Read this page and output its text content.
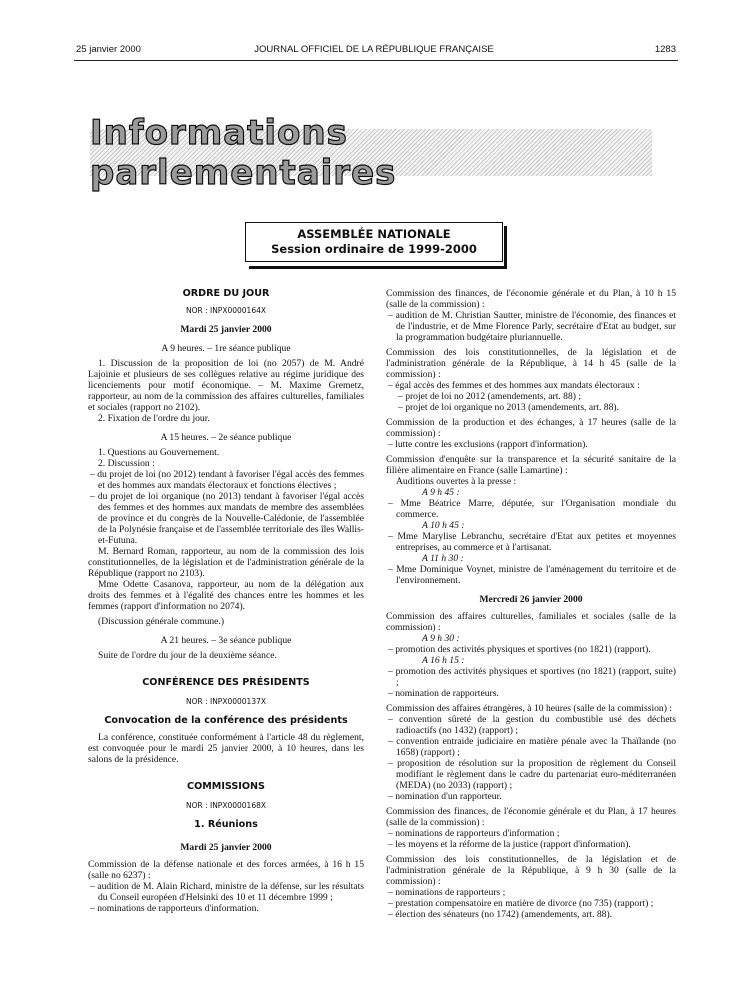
25 janvier 2000	JOURNAL OFFICIEL DE LA RÉPUBLIQUE FRANÇAISE	1283
Informations parlementaires
ASSEMBLÉE NATIONALE
Session ordinaire de 1999-2000

ORDRE DU JOUR

NOR : INPX0000164X

Mardi 25 janvier 2000

A 9 heures. – 1re séance publique

1. Discussion de la proposition de loi (no 2057) de M. André Lajoinie et plusieurs de ses collègues relative au régime juridique des licenciements pour motif économique. – M. Maxime Gremetz, rapporteur, au nom de la commission des affaires culturelles, familiales et sociales (rapport no 2102).

2. Fixation de l'ordre du jour.

A 15 heures. – 2e séance publique

1. Questions au Gouvernement.

2. Discussion :

– du projet de loi (no 2012) tendant à favoriser l'égal accès des femmes et des hommes aux mandats électoraux et fonctions électives ;

– du projet de loi organique (no 2013) tendant à favoriser l'égal accès des femmes et des hommes aux mandats de membre des assemblées de province et du congrès de la Nouvelle-Calédonie, de l'assemblée de la Polynésie française et de l'assemblée territoriale des îles Wallis-et-Futuna.

M. Bernard Roman, rapporteur, au nom de la commission des lois constitutionnelles, de la législation et de l'administration générale de la République (rapport no 2103).

Mme Odette Casanova, rapporteur, au nom de la délégation aux droits des femmes et à l'égalité des chances entre les hommes et les femmes (rapport d'information no 2074).

(Discussion générale commune.)

A 21 heures. – 3e séance publique

Suite de l'ordre du jour de la deuxième séance.

CONFÉRENCE DES PRÉSIDENTS

NOR : INPX0000137X

Convocation de la conférence des présidents

La conférence, constituée conformément à l'article 48 du règlement, est convoquée pour le mardi 25 janvier 2000, à 10 heures, dans les salons de la présidence.

COMMISSIONS

NOR : INPX0000168X

1. Réunions

Mardi 25 janvier 2000

Commission de la défense nationale et des forces armées, à 16 h 15 (salle no 6237) :

– audition de M. Alain Richard, ministre de la défense, sur les résultats du Conseil européen d'Helsinki des 10 et 11 décembre 1999 ;

– nominations de rapporteurs d'information.

Commission des finances, de l'économie générale et du Plan, à 10 h 15 (salle de la commission) :

– audition de M. Christian Sautter, ministre de l'économie, des finances et de l'industrie, et de Mme Florence Parly, secrétaire d'Etat au budget, sur la programmation budgétaire pluriannuelle.

Commission des lois constitutionnelles, de la législation et de l'administration générale de la République, à 14 h 45 (salle de la commission) :

– égal accès des femmes et des hommes aux mandats électoraux :

– projet de loi no 2012 (amendements, art. 88) ;

– projet de loi organique no 2013 (amendements, art. 88).

Commission de la production et des échanges, à 17 heures (salle de la commission) :

– lutte contre les exclusions (rapport d'information).

Commission d'enquête sur la transparence et la sécurité sanitaire de la filière alimentaire en France (salle Lamartine) :

Auditions ouvertes à la presse :

A 9 h 45 :

– Mme Béatrice Marre, députée, sur l'Organisation mondiale du commerce.

A 10 h 45 :

– Mme Marylise Lebranchu, secrétaire d'Etat aux petites et moyennes entreprises, au commerce et à l'artisanat.

A 11 h 30 :

– Mme Dominique Voynet, ministre de l'aménagement du territoire et de l'environnement.

Mercredi 26 janvier 2000

Commission des affaires culturelles, familiales et sociales (salle de la commission) :

A 9 h 30 :

– promotion des activités physiques et sportives (no 1821) (rapport).

A 16 h 15 :

– promotion des activités physiques et sportives (no 1821) (rapport, suite) ;

– nomination de rapporteurs.

Commission des affaires étrangères, à 10 heures (salle de la commission) :

– convention sûreté de la gestion du combustible usé des déchets radioactifs (no 1432) (rapport) ;

– convention entraide judiciaire en matière pénale avec la Thaïlande (no 1658) (rapport) ;

– proposition de résolution sur la proposition de règlement du Conseil modifiant le règlement dans le cadre du partenariat euro-méditerranéen (MEDA) (no 2033) (rapport) ;

– nomination d'un rapporteur.

Commission des finances, de l'économie générale et du Plan, à 17 heures (salle de la commission) :

– nominations de rapporteurs d'information ;

– les moyens et la réforme de la justice (rapport d'information).

Commission des lois constitutionnelles, de la législation et de l'administration générale de la République, à 9 h 30 (salle de la commission) :

– nominations de rapporteurs ;

– prestation compensatoire en matière de divorce (no 735) (rapport) ;

– élection des sénateurs (no 1742) (amendements, art. 88).
